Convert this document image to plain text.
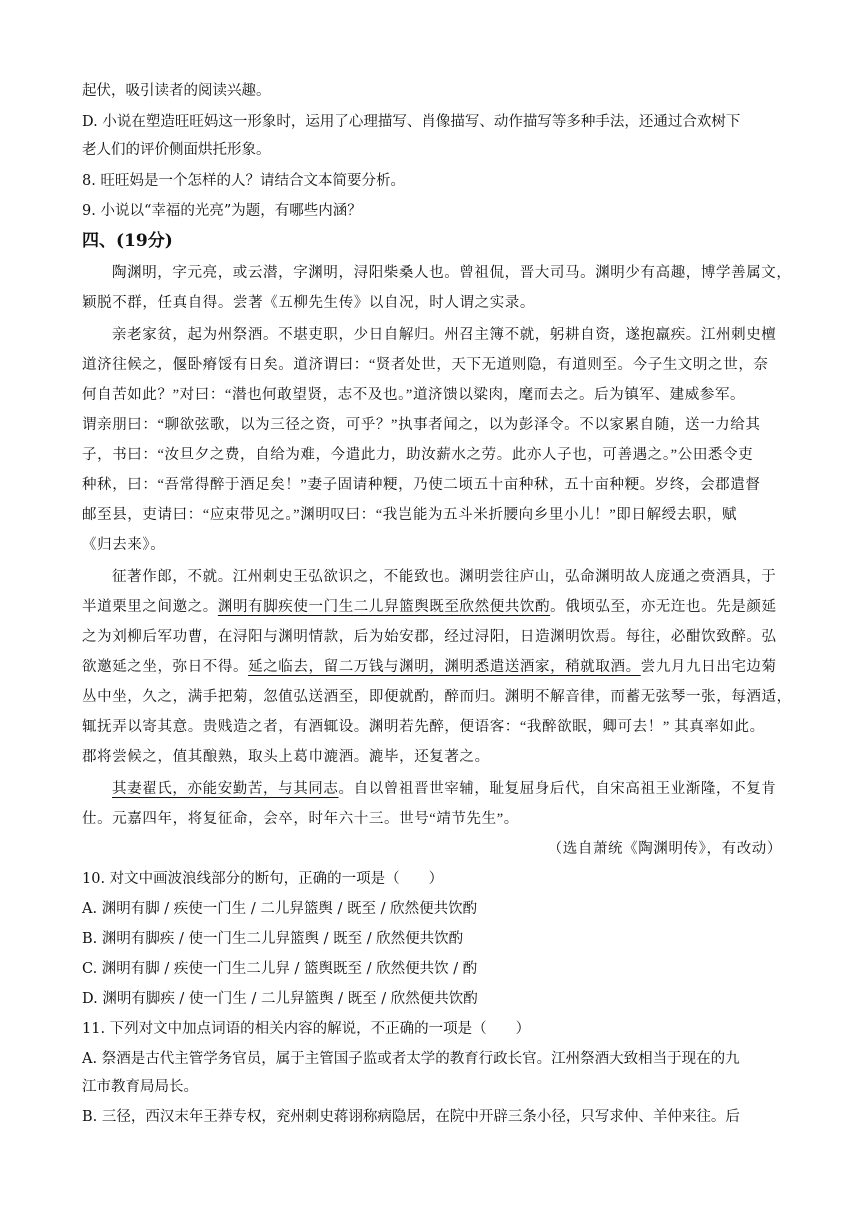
起伏，吸引读者的阅读兴趣。
D. 小说在塑造旺旺妈这一形象时，运用了心理描写、肖像描写、动作描写等多种手法，还通过合欢树下
老人们的评价侧面烘托形象。
8. 旺旺妈是一个怎样的人？请结合文本简要分析。
9. 小说以“幸福的光亮”为题，有哪些内涵？
四、(19分)
陶渊明，字元亮，或云潜，字渊明，浔阳柴桑人也。曾祖侃，晋大司马。渊明少有高趣，博学善属文，
颖脱不群，任真自得。尝著《五柳先生传》以自况，时人谓之实录。
亲老家贫，起为州祭酒。不堪吏职，少日自解归。州召主簿不就，躬耕自资，遂抱羸疾。江州刺史檀
道济往候之，偃卧瘠馁有日矣。道济谓曰：“贤者处世，天下无道则隐，有道则至。今子生文明之世，奈
何自苦如此？”对曰：“潜也何敢望贤，志不及也。”道济馈以粱肉，麾而去之。后为镇军、建威参军。
谓亲朋曰：“聊欲弦歌，以为三径之资，可乎？”执事者闻之，以为彭泽令。不以家累自随，送一力给其
子，书曰：“汝旦夕之费，自给为难，今遣此力，助汝薪水之劳。此亦人子也，可善遇之。”公田悉令吏
种秫，曰：“吾常得醉于酒足矣！”妻子固请种粳，乃使二顷五十亩种秫，五十亩种粳。岁终，会郡遣督
邮至县，吏请曰：“应束带见之。”渊明叹曰：“我岂能为五斗米折腰向乡里小儿！”即日解绶去职，赋
《归去来》。
征著作郎，不就。江州刺史王弘欲识之，不能致也。渊明尝往庐山，弘命渊明故人庞通之赍酒具，于
半道栗里之间邀之。渊明有脚疾使一门生二儿舁篮舆既至欣然便共饮酌。俄顷弘至，亦无迕也。先是颜延
之为刘柳后军功曹，在浔阳与渊明情款，后为始安郡，经过浔阳，日造渊明饮焉。每往，必酣饮致醉。弘
欲邀延之坐，弥日不得。延之临去，留二万钱与渊明，渊明悉遣送酒家，稍就取酒。尝九月九日出宅边菊
丛中坐，久之，满手把菊，忽值弘送酒至，即便就酌，醉而归。渊明不解音律，而蓄无弦琴一张，每酒适，
辄抚弄以寄其意。贵贱造之者，有酒辄设。渊明若先醉，便语客：“我醉欲眠，卿可去！” 其真率如此。
郡将尝候之，值其酿熟，取头上葛巾漉酒。漉毕，还复著之。
其妻翟氏，亦能安勤苦，与其同志。自以曾祖晋世宰辅，耻复屈身后代，自宋高祖王业渐隆，不复肯
仕。元嘉四年，将复征命，会卒，时年六十三。世号“靖节先生”。
（选自萧统《陶渊明传》，有改动）
10. 对文中画波浪线部分的断句，正确的一项是（　　）
A. 渊明有脚 / 疾使一门生 / 二儿舁篮舆 / 既至 / 欣然便共饮酌
B. 渊明有脚疾 / 使一门生二儿舁篮舆 / 既至 / 欣然便共饮酌
C. 渊明有脚 / 疾使一门生二儿舁 / 篮舆既至 / 欣然便共饮 / 酌
D. 渊明有脚疾 / 使一门生 / 二儿舁篮舆 / 既至 / 欣然便共饮酌
11. 下列对文中加点词语的相关内容的解说，不正确的一项是（　　）
A. 祭酒是古代主管学务官员，属于主管国子监或者太学的教育行政长官。江州祭酒大致相当于现在的九
江市教育局局长。
B. 三径，西汉末年王莽专权，兖州刺史蒋诩称病隐居，在院中开辟三条小径，只写求仲、羊仲来往。后
